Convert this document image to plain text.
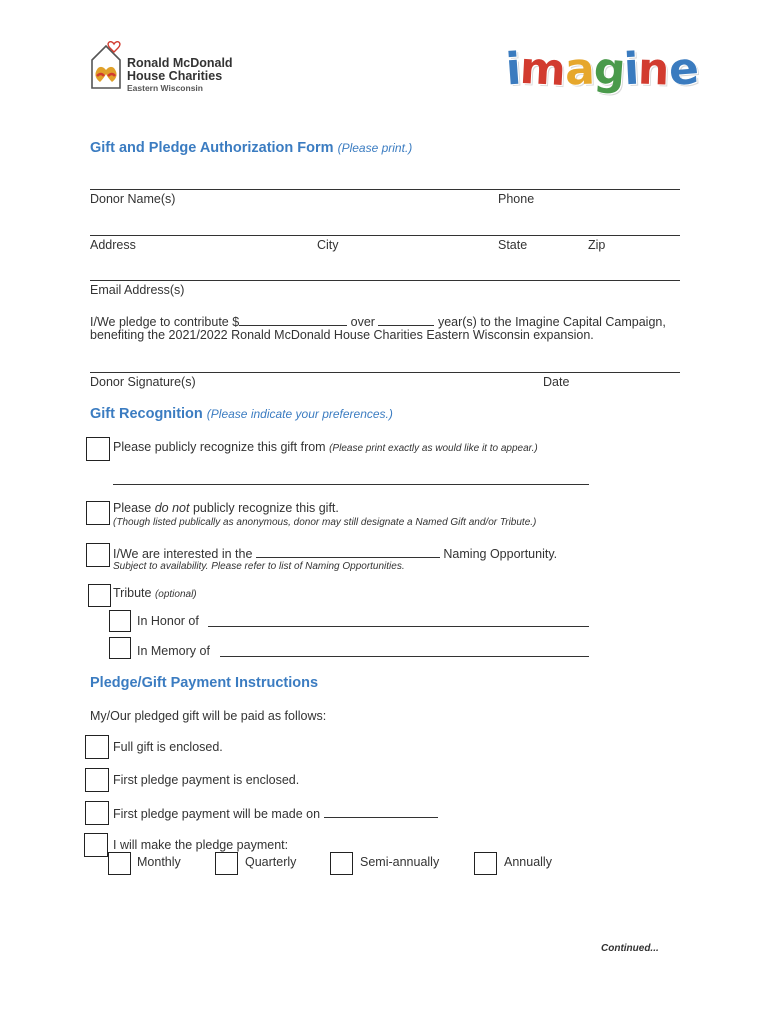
Ronald McDonald
House Charities
Eastern Wisconsin	imagine
Gift and Pledge Authorization Form (Please print.)
Donor Name(s)	Phone
Address	City	State	Zip
Email Address(s)
I/We pledge to contribute $	over	year(s) to the Imagine Capital Campaign,
benefiting the 2021/2022 Ronald McDonald House Charities Eastern Wisconsin expansion.
Donor Signature(s)	Date
Gift Recognition (Please indicate your preferences.)
Please publicly recognize this gift from (Please print exactly as would like it to appear.)
Please do not publicly recognize this gift.
(Though listed publically as anonymous, donor may still designate a Named Gift and/or Tribute.)
I/We are interested in the	Naming Opportunity.
Subject to availability. Please refer to list of Naming Opportunities.
Tribute (optional)
In Honor of
In Memory of
Pledge/Gift Payment Instructions
My/Our pledged gift will be paid as follows:
Full gift is enclosed.
First pledge payment is enclosed.
First pledge payment will be made on
I will make the pledge payment:
Monthly	Quarterly	Semi-annually	Annually
Continued...
